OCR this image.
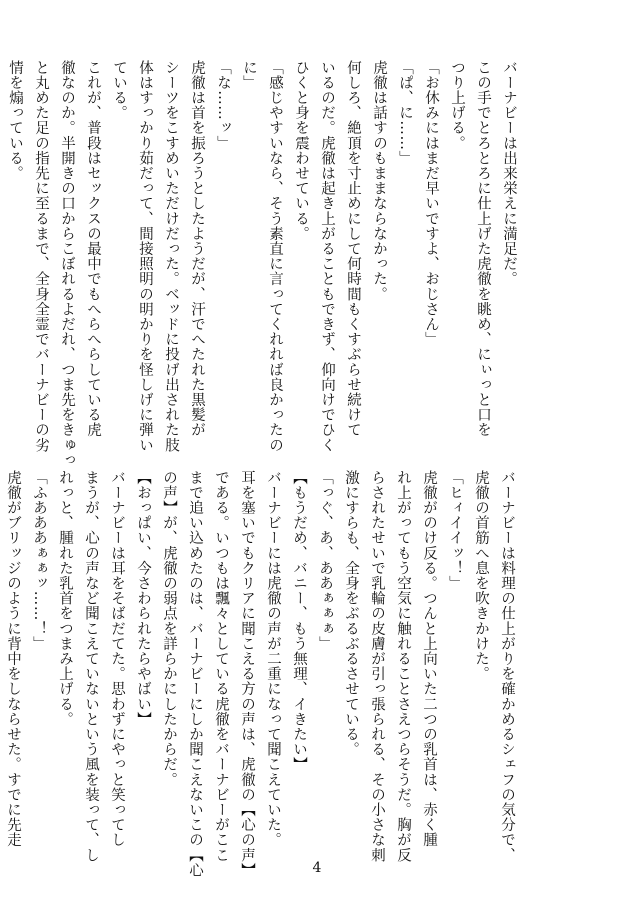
バーナビーは出来栄えに満足だ。
この手でとろとろに仕上げた虎徹を眺め、にぃっと口を
つり上げる。
「お休みにはまだ早いですよ、おじさん」
「ぱ、に……」
虎徹は話すのもままならなかった。
何しろ、絶頂を寸止めにして何時間もくすぶらせ続けて
いるのだ。虎徹は起き上がることもできず、仰向けでひく
ひくと身を震わせている。
「感じやすいなら、そう素直に言ってくれれば良かったの
に」
「な……ッ」
虎徹は首を振ろうとしたようだが、汗でへたれた黒髪が
シーツをこすめいただけだった。ベッドに投げ出された肢
体はすっかり茹だって、間接照明の明かりを怪しげに弾い
ている。
これが、普段はセックスの最中でもへらへらしている虎
徹なのか。半開きの口からこぼれるよだれ、つま先をきゅっ
と丸めた足の指先に至るまで、全身全霊でバーナビーの劣
情を煽っている。
バーナビーは料理の仕上がりを確かめるシェフの気分で、
虎徹の首筋へ息を吹きかけた。
「ヒィイイッ！」
虎徹がのけ反る。つんと上向いた二つの乳首は、赤く腫
れ上がってもう空気に触れることさえつらそうだ。胸が反
らされたせいで乳輪の皮膚が引っ張られる、その小さな刺
激にすらも、全身をぶるぶるさせている。
「っぐ、あ、ああぁぁぁ」
【もうだめ、バニー、もう無理、イきたい】
バーナビーには虎徹の声が二重になって聞こえていた。
耳を塞いでもクリアに聞こえる方の声は、虎徹の【心の声】
である。いつもは飄々としている虎徹をバーナビーがここ
まで追い込めたのは、バーナビーにしか聞こえないこの【心
の声】が、虎徹の弱点を詳らかにしたからだ。
【おっぱい、今さわられたらやばい】
バーナビーは耳をそばだてた。思わずにやっと笑ってし
まうが、心の声など聞こえていないという風を装って、し
れっと、腫れた乳首をつまみ上げる。
「ふあああぁぁッ……！」
虎徹がブリッジのように背中をしならせた。すでに先走
4
